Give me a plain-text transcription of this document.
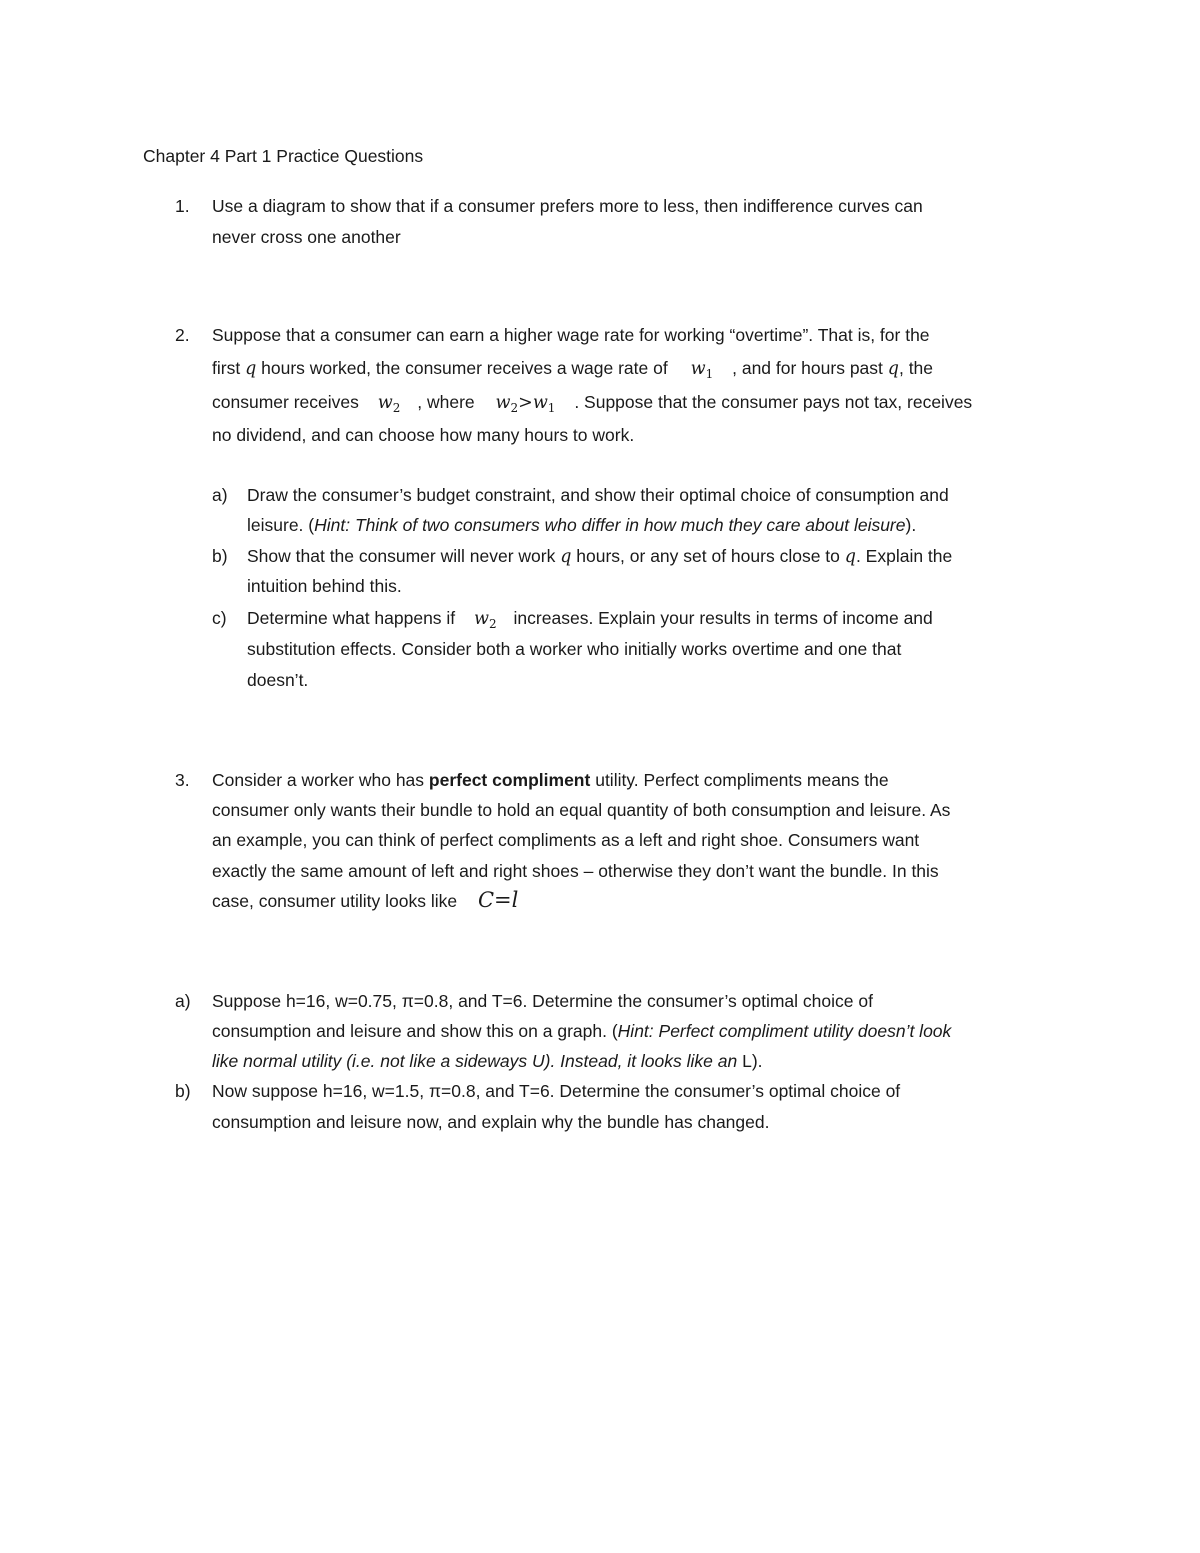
Chapter 4 Part 1 Practice Questions
1. Use a diagram to show that if a consumer prefers more to less, then indifference curves can
never cross one another
2. Suppose that a consumer can earn a higher wage rate for working “overtime”. That is, for the
first q hours worked, the consumer receives a wage rate of $w_1$ , and for hours past q, the
consumer receives $w_2$ , where $w_2>w_1$ . Suppose that the consumer pays not tax, receives
no dividend, and can choose how many hours to work.
a) Draw the consumer’s budget constraint, and show their optimal choice of consumption and
leisure. (Hint: Think of two consumers who differ in how much they care about leisure).
b) Show that the consumer will never work q hours, or any set of hours close to q. Explain the
intuition behind this.
c) Determine what happens if $w_2$ increases. Explain your results in terms of income and
substitution effects. Consider both a worker who initially works overtime and one that
doesn’t.
3. Consider a worker who has perfect compliment utility. Perfect compliments means the
consumer only wants their bundle to hold an equal quantity of both consumption and leisure. As
an example, you can think of perfect compliments as a left and right shoe. Consumers want
exactly the same amount of left and right shoes – otherwise they don’t want the bundle. In this
case, consumer utility looks like C=l
a) Suppose h=16, w=0.75, π=0.8, and T=6. Determine the consumer’s optimal choice of
consumption and leisure and show this on a graph. (Hint: Perfect compliment utility doesn’t look
like normal utility (i.e. not like a sideways U). Instead, it looks like an L).
b) Now suppose h=16, w=1.5, π=0.8, and T=6. Determine the consumer’s optimal choice of
consumption and leisure now, and explain why the bundle has changed.
